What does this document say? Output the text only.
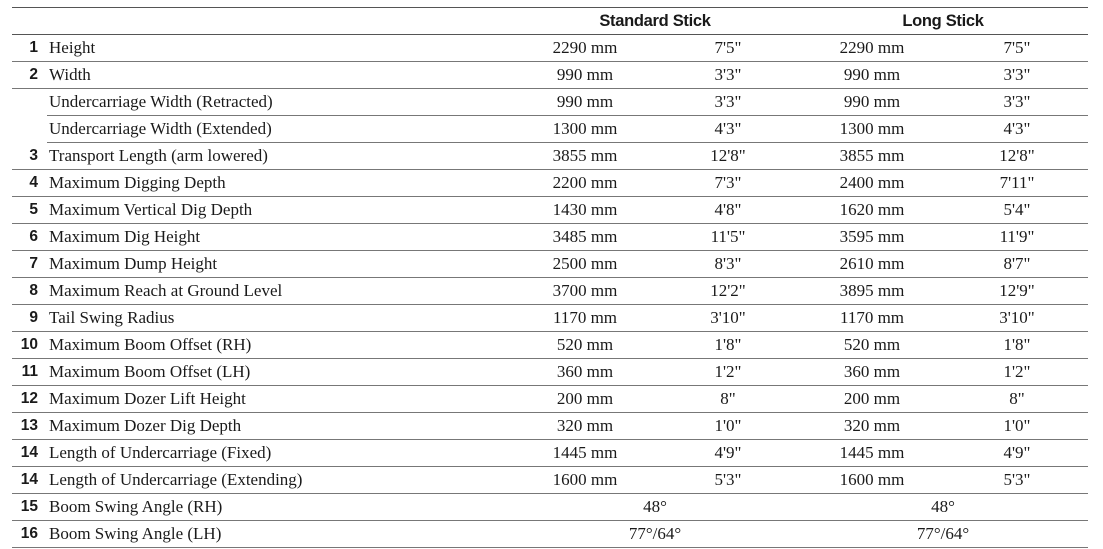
		Standard Stick		Long Stick	
1	Height	2290 mm	7'5"	2290 mm	7'5"
2	Width	990 mm	3'3"	990 mm	3'3"
	Undercarriage Width (Retracted)	990 mm	3'3"	990 mm	3'3"
	Undercarriage Width (Extended)	1300 mm	4'3"	1300 mm	4'3"
3	Transport Length (arm lowered)	3855 mm	12'8"	3855 mm	12'8"
4	Maximum Digging Depth	2200 mm	7'3"	2400 mm	7'11"
5	Maximum Vertical Dig Depth	1430 mm	4'8"	1620 mm	5'4"
6	Maximum Dig Height	3485 mm	11'5"	3595 mm	11'9"
7	Maximum Dump Height	2500 mm	8'3"	2610 mm	8'7"
8	Maximum Reach at Ground Level	3700 mm	12'2"	3895 mm	12'9"
9	Tail Swing Radius	1170 mm	3'10"	1170 mm	3'10"
10	Maximum Boom Offset (RH)	520 mm	1'8"	520 mm	1'8"
11	Maximum Boom Offset (LH)	360 mm	1'2"	360 mm	1'2"
12	Maximum Dozer Lift Height	200 mm	8"	200 mm	8"
13	Maximum Dozer Dig Depth	320 mm	1'0"	320 mm	1'0"
14	Length of Undercarriage (Fixed)	1445 mm	4'9"	1445 mm	4'9"
14	Length of Undercarriage (Extending)	1600 mm	5'3"	1600 mm	5'3"
15	Boom Swing Angle (RH)	48°		48°	
16	Boom Swing Angle (LH)	77°/64°		77°/64°	
